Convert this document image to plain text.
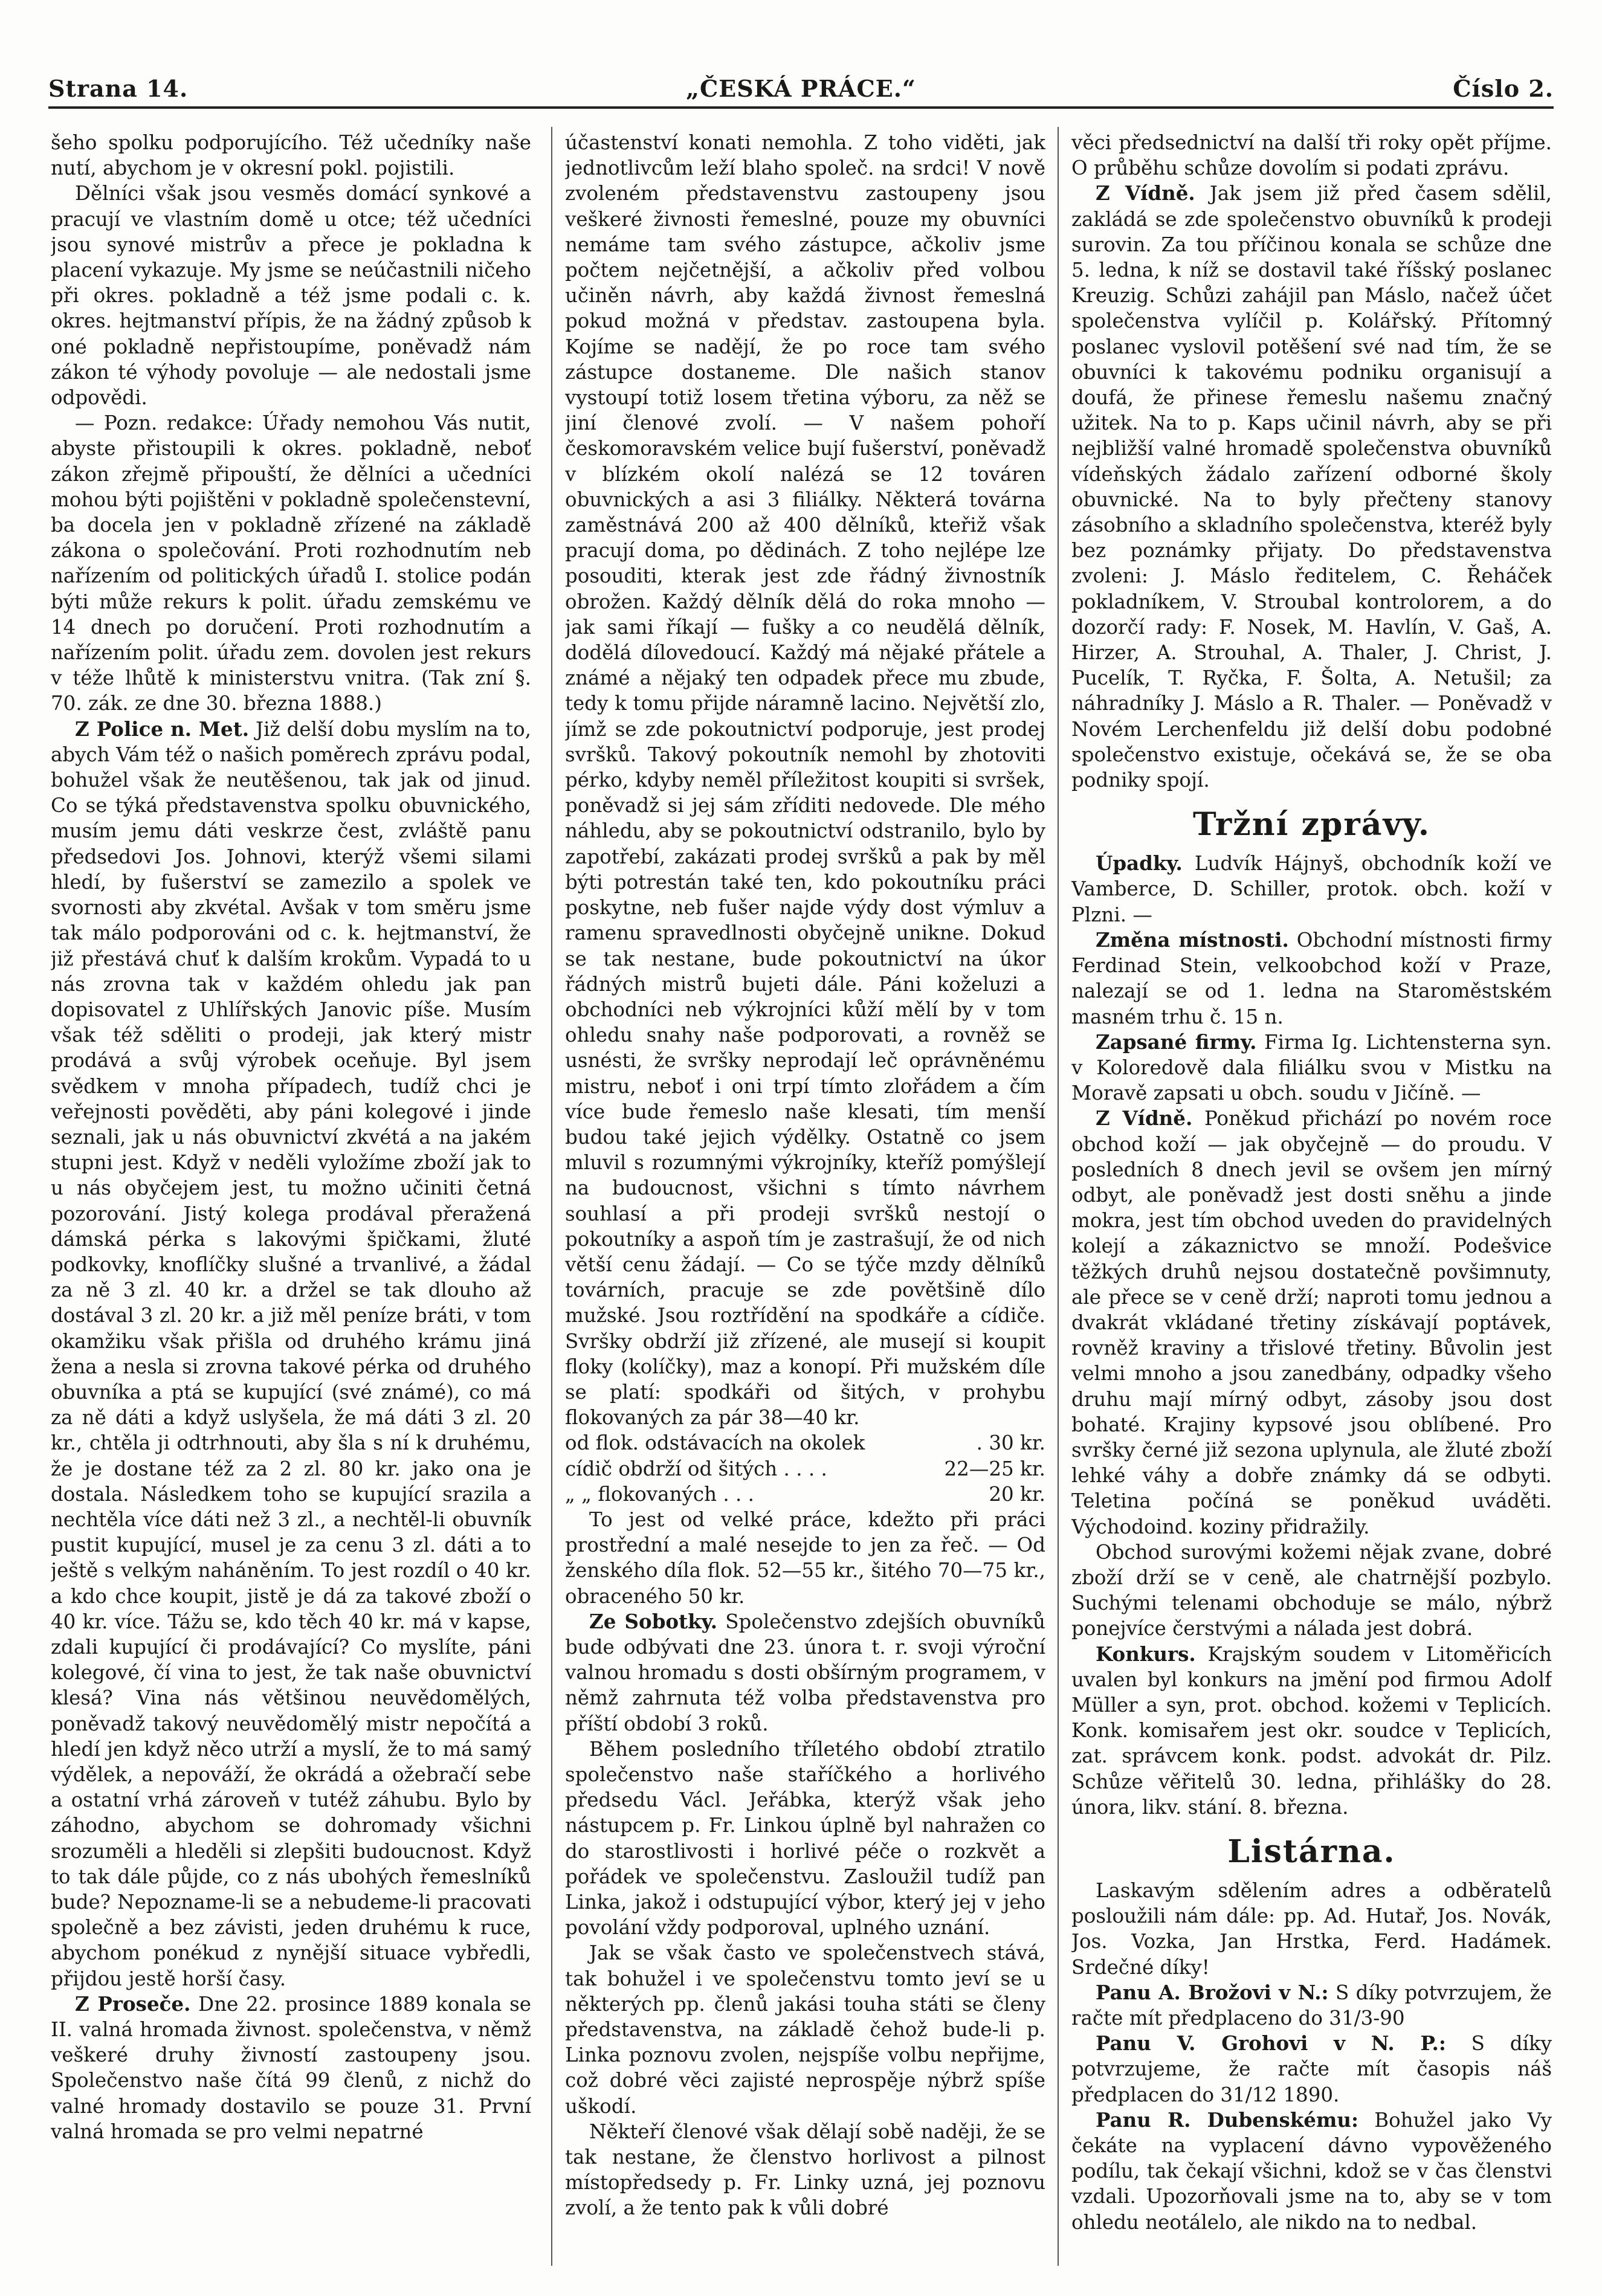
Strana 14.	„ČESKÁ PRÁCE.“	Číslo 2.

šeho spolku podporujícího. Též učedníky naše nutí, abychom je v okresní pokl. pojistili.

Dělníci však jsou vesměs domácí synkové a pracují ve vlastním domě u otce; též učedníci jsou synové mistrův a přece je pokladna k placení vykazuje. My jsme se neúčastnili ničeho při okres. pokladně a též jsme podali c. k. okres. hejtmanství přípis, že na žádný způsob k oné pokladně nepřistoupíme, poněvadž nám zákon té výhody povoluje — ale nedostali jsme odpovědi.

— Pozn. redakce: Úřady nemohou Vás nutit, abyste přistoupili k okres. pokladně, neboť zákon zřejmě připouští, že dělníci a učedníci mohou býti pojištěni v pokladně společenstevní, ba docela jen v pokladně zřízené na základě zákona o společování. Proti rozhodnutím neb nařízením od politických úřadů I. stolice podán býti může rekurs k polit. úřadu zemskému ve 14 dnech po doručení. Proti rozhodnutím a nařízením polit. úřadu zem. dovolen jest rekurs v téže lhůtě k ministerstvu vnitra. (Tak zní §. 70. zák. ze dne 30. března 1888.)

Z Police n. Met. Již delší dobu myslím na to, abych Vám též o našich poměrech zprávu podal, bohužel však že neutěšenou, tak jak od jinud. Co se týká představenstva spolku obuvnického, musím jemu dáti veskrze čest, zvláště panu předsedovi Jos. Johnovi, kterýž všemi silami hledí, by fušerství se zamezilo a spolek ve svornosti aby zkvétal. Avšak v tom směru jsme tak málo podporováni od c. k. hejtmanství, že již přestává chuť k dalším krokům. Vypadá to u nás zrovna tak v každém ohledu jak pan dopisovatel z Uhlířských Janovic píše. Musím však též sděliti o prodeji, jak který mistr prodává a svůj výrobek oceňuje. Byl jsem svědkem v mnoha případech, tudíž chci je veřejnosti pověděti, aby páni kolegové i jinde seznali, jak u nás obuvnictví zkvétá a na jakém stupni jest. Když v neděli vyložíme zboží jak to u nás obyčejem jest, tu možno učiniti četná pozorování. Jistý kolega prodával přeražená dámská pérka s lakovými špičkami, žluté podkovky, knoflíčky slušné a trvanlivé, a žádal za ně 3 zl. 40 kr. a držel se tak dlouho až dostával 3 zl. 20 kr. a již měl peníze bráti, v tom okamžiku však přišla od druhého krámu jiná žena a nesla si zrovna takové pérka od druhého obuvníka a ptá se kupující (své známé), co má za ně dáti a když uslyšela, že má dáti 3 zl. 20 kr., chtěla ji odtrhnouti, aby šla s ní k druhému, že je dostane též za 2 zl. 80 kr. jako ona je dostala. Následkem toho se kupující srazila a nechtěla více dáti než 3 zl., a nechtěl-li obuvník pustit kupující, musel je za cenu 3 zl. dáti a to ještě s velkým naháněním. To jest rozdíl o 40 kr. a kdo chce koupit, jistě je dá za takové zboží o 40 kr. více. Tážu se, kdo těch 40 kr. má v kapse, zdali kupující či prodávající? Co myslíte, páni kolegové, čí vina to jest, že tak naše obuvnictví klesá? Vina nás většinou neuvědomělých, poněvadž takový neuvědomělý mistr nepočítá a hledí jen když něco utrží a myslí, že to má samý výdělek, a nepováží, že okrádá a ožebračí sebe a ostatní vrhá zároveň v tutéž záhubu. Bylo by záhodno, abychom se dohromady všichni srozuměli a hleděli si zlepšiti budoucnost. Když to tak dále půjde, co z nás ubohých řemeslníků bude? Nepozname-li se a nebudeme-li pracovati společně a bez závisti, jeden druhému k ruce, abychom ponékud z nynější situace vybředli, přijdou jestě horší časy.

Z Proseče. Dne 22. prosince 1889 konala se II. valná hromada živnost. společenstva, v němž veškeré druhy živností zastoupeny jsou. Společenstvo naše čítá 99 členů, z nichž do valné hromady dostavilo se pouze 31. První valná hromada se pro velmi nepatrné

účastenství konati nemohla. Z toho viděti, jak jednotlivcům leží blaho společ. na srdci! V nově zvoleném představenstvu zastoupeny jsou veškeré živnosti řemeslné, pouze my obuvníci nemáme tam svého zástupce, ačkoliv jsme počtem nejčetnější, a ačkoliv před volbou učiněn návrh, aby každá živnost řemeslná pokud možná v představ. zastoupena byla. Kojíme se nadějí, že po roce tam svého zástupce dostaneme. Dle našich stanov vystoupí totiž losem třetina výboru, za něž se jiní členové zvolí. — V našem pohoří českomoravském velice bují fušerství, poněvadž v blízkém okolí nalézá se 12 továren obuvnických a asi 3 filiálky. Některá továrna zaměstnává 200 až 400 dělníků, kteřiž však pracují doma, po dědinách. Z toho nejlépe lze posouditi, kterak jest zde řádný živnostník obrožen. Každý dělník dělá do roka mnoho — jak sami říkají — fušky a co neudělá dělník, dodělá dílovedoucí. Každý má nějaké přátele a známé a nějaký ten odpadek přece mu zbude, tedy k tomu přijde náramně lacino. Největší zlo, jímž se zde pokoutnictví podporuje, jest prodej svršků. Takový pokoutník nemohl by zhotoviti pérko, kdyby neměl příležitost koupiti si svršek, poněvadž si jej sám zříditi nedovede. Dle mého náhledu, aby se pokoutnictví odstranilo, bylo by zapotřebí, zakázati prodej svršků a pak by měl býti potrestán také ten, kdo pokoutníku práci poskytne, neb fušer najde výdy dost výmluv a ramenu spravedlnosti obyčejně unikne. Dokud se tak nestane, bude pokoutnictví na úkor řádných mistrů bujeti dále. Páni koželuzi a obchodníci neb výkrojníci kůží mělí by v tom ohledu snahy naše podporovati, a rovněž se usnésti, že svršky neprodají leč oprávněnému mistru, neboť i oni trpí tímto zlořádem a čím více bude řemeslo naše klesati, tím menší budou také jejich výdělky. Ostatně co jsem mluvil s rozumnými výkrojníky, kteříž pomýšlejí na budoucnost, všichni s tímto návrhem souhlasí a při prodeji svršků nestojí o pokoutníky a aspoň tím je zastrašují, že od nich větší cenu žádají. — Co se týče mzdy dělníků továrních, pracuje se zde povětšině dílo mužské. Jsou roztřídění na spodkáře a cídiče. Svršky obdrží již zřízené, ale musejí si koupit floky (kolíčky), maz a konopí. Při mužském díle se platí: spodkáři od šitých, v prohybu flokovaných za pár 38—40 kr.

od flok. odstávacích na okolek	. 30 kr.
cídič obdrží od šitých . . . .	22—25 kr.
„ „ flokovaných . . .	20 kr.

To jest od velké práce, kdežto při práci prostřední a malé nesejde to jen za řeč. — Od ženského díla flok. 52—55 kr., šitého 70—75 kr., obraceného 50 kr.

Ze Sobotky. Společenstvo zdejších obuvníků bude odbývati dne 23. února t. r. svoji výroční valnou hromadu s dosti obšírným programem, v němž zahrnuta též volba představenstva pro příští období 3 roků.

Během posledního tříletého období ztratilo společenstvo naše staříčkého a horlivého předsedu Václ. Jeřábka, kterýž však jeho nástupcem p. Fr. Linkou úplně byl nahražen co do starostlivosti i horlivé péče o rozkvět a pořádek ve společenstvu. Zasloužil tudíž pan Linka, jakož i odstupující výbor, který jej v jeho povolání vždy podporoval, uplného uznání.

Jak se však často ve společenstvech stává, tak bohužel i ve společenstvu tomto jeví se u některých pp. členů jakási touha státi se členy představenstva, na základě čehož bude-li p. Linka poznovu zvolen, nejspíše volbu nepřijme, což dobré věci zajisté neprospěje nýbrž spíše uškodí.

Někteří členové však dělají sobě naději, že se tak nestane, že členstvo horlivost a pilnost místopředsedy p. Fr. Linky uzná, jej poznovu zvolí, a že tento pak k vůli dobré

věci předsednictví na další tři roky opět příjme. O průběhu schůze dovolím si podati zprávu.

Z Vídně. Jak jsem již před časem sdělil, zakládá se zde společenstvo obuvníků k prodeji surovin. Za tou příčinou konala se schůze dne 5. ledna, k níž se dostavil také říšský poslanec Kreuzig. Schůzi zahájil pan Máslo, načež účet společenstva vylíčil p. Kolářský. Přítomný poslanec vyslovil potěšení své nad tím, že se obuvníci k takovému podniku organisují a doufá, že přinese řemeslu našemu značný užitek. Na to p. Kaps učinil návrh, aby se při nejbližší valné hromadě společenstva obuvníků vídeňských žádalo zařízení odborné školy obuvnické. Na to byly přečteny stanovy zásobního a skladního společenstva, kteréž byly bez poznámky přijaty. Do představenstva zvoleni: J. Máslo ředitelem, C. Řeháček pokladníkem, V. Stroubal kontrolorem, a do dozorčí rady: F. Nosek, M. Havlín, V. Gaš, A. Hirzer, A. Strouhal, A. Thaler, J. Christ, J. Pucelík, T. Ryčka, F. Šolta, A. Netušil; za náhradníky J. Máslo a R. Thaler. — Poněvadž v Novém Lerchenfeldu již delší dobu podobné společenstvo existuje, očekává se, že se oba podniky spojí.

Tržní zprávy.

Úpadky. Ludvík Hájnyš, obchodník koží ve Vamberce, D. Schiller, protok. obch. koží v Plzni. —

Změna místnosti. Obchodní místnosti firmy Ferdinad Stein, velkoobchod koží v Praze, nalezají se od 1. ledna na Staroměstském masném trhu č. 15 n.

Zapsané firmy. Firma Ig. Lichtensterna syn. v Koloredově dala filiálku svou v Mistku na Moravě zapsati u obch. soudu v Jičíně. —

Z Vídně. Poněkud přichází po novém roce obchod koží — jak obyčejně — do proudu. V posledních 8 dnech jevil se ovšem jen mírný odbyt, ale poněvadž jest dosti sněhu a jinde mokra, jest tím obchod uveden do pravidelných kolejí a zákaznictvo se množí. Podešvice těžkých druhů nejsou dostatečně povšimnuty, ale přece se v ceně drží; naproti tomu jednou a dvakrát vkládané třetiny získávají poptávek, rovněž kraviny a třislové třetiny. Bůvolin jest velmi mnoho a jsou zanedbány, odpadky všeho druhu mají mírný odbyt, zásoby jsou dost bohaté. Krajiny kypsové jsou oblíbené. Pro svršky černé již sezona uplynula, ale žluté zboží lehké váhy a dobře známky dá se odbyti. Teletina počíná se poněkud uváděti. Východoind. koziny přidražily.

Obchod surovými kožemi nějak zvane, dobré zboží drží se v ceně, ale chatrnější pozbylo. Suchými telenami obchoduje se málo, nýbrž ponejvíce čerstvými a nálada jest dobrá.

Konkurs. Krajským soudem v Litoměřicích uvalen byl konkurs na jmění pod firmou Adolf Müller a syn, prot. obchod. kožemi v Teplicích. Konk. komisařem jest okr. soudce v Teplicích, zat. správcem konk. podst. advokát dr. Pilz. Schůze věřitelů 30. ledna, přihlášky do 28. února, likv. stání. 8. března.

Listárna.

Laskavým sdělením adres a odběratelů posloužili nám dále: pp. Ad. Hutař, Jos. Novák, Jos. Vozka, Jan Hrstka, Ferd. Hadámek. Srdečné díky!

Panu A. Brožovi v N.: S díky potvrzujem, že račte mít předplaceno do 31/3-90

Panu V. Grohovi v N. P.: S díky potvrzujeme, že račte mít časopis náš předplacen do 31/12 1890.

Panu R. Dubenskému: Bohužel jako Vy čekáte na vyplacení dávno vypověženého podílu, tak čekají všichni, kdož se v čas členstvi vzdali. Upozorňovali jsme na to, aby se v tom ohledu neotálelo, ale nikdo na to nedbal.
